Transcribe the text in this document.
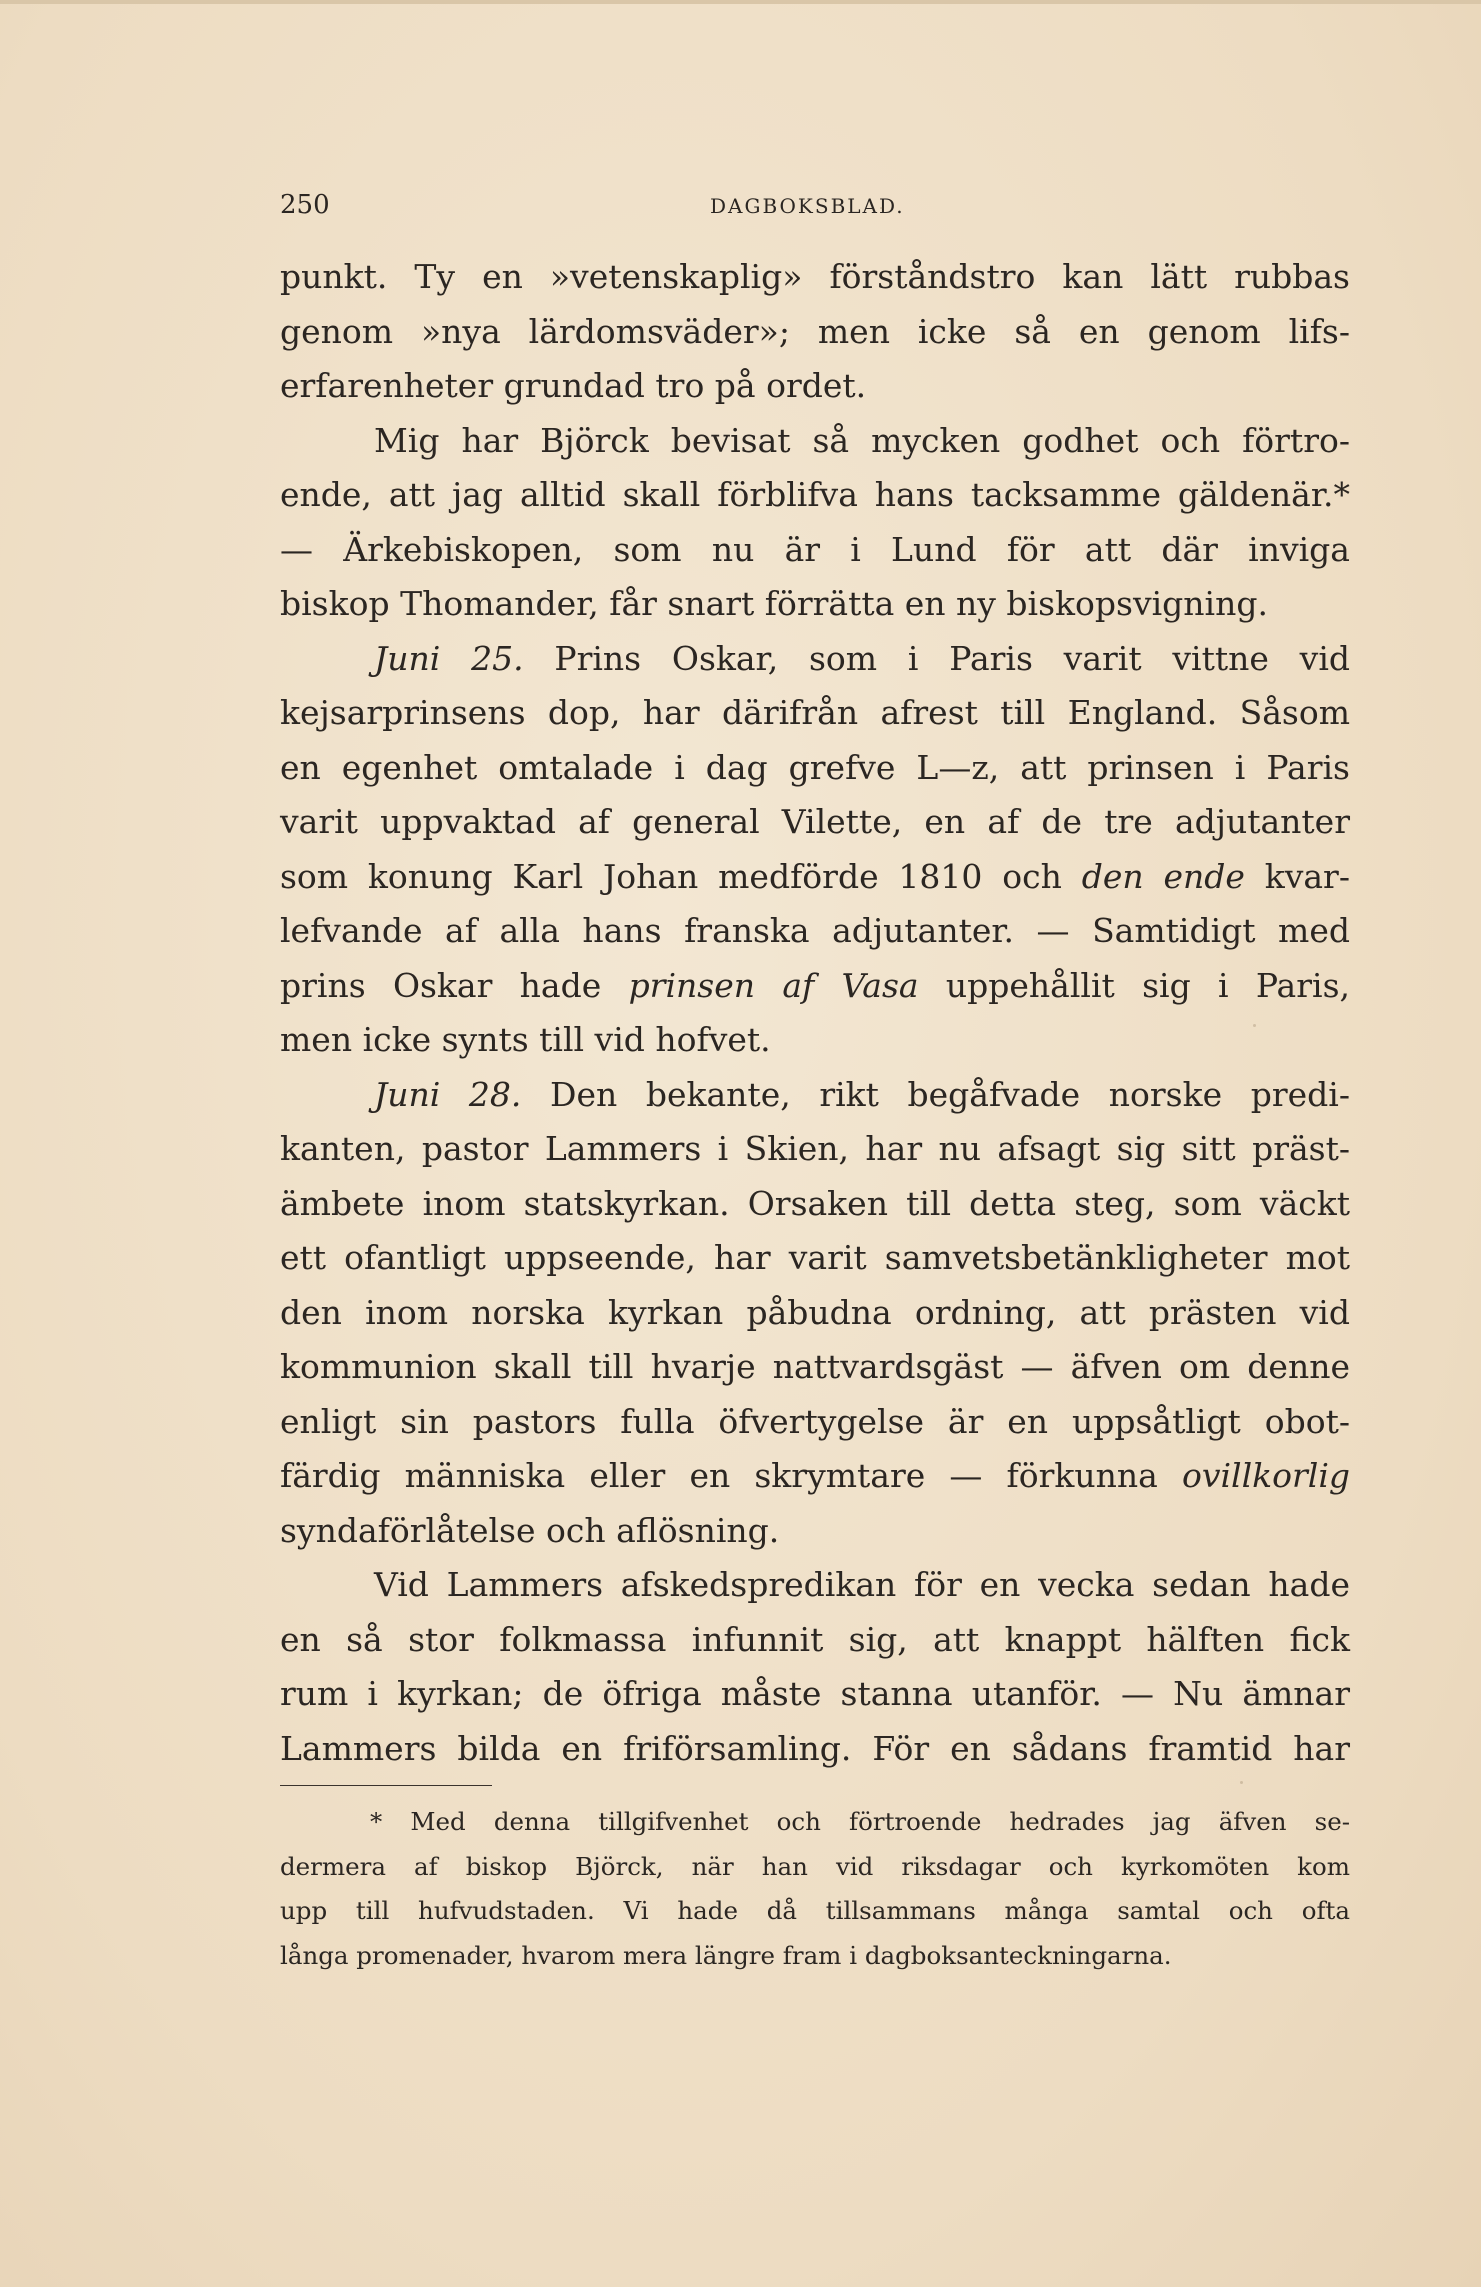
250	DAGBOKSBLAD.
punkt. Ty en »vetenskaplig» förståndstro kan lätt rubbas
genom »nya lärdomsväder»; men icke så en genom lifs-
erfarenheter grundad tro på ordet.
Mig har Björck bevisat så mycken godhet och förtro-
ende, att jag alltid skall förblifva hans tacksamme gäldenär.*
— Ärkebiskopen, som nu är i Lund för att där inviga
biskop Thomander, får snart förrätta en ny biskopsvigning.
Juni 25. Prins Oskar, som i Paris varit vittne vid
kejsarprinsens dop, har därifrån afrest till England. Såsom
en egenhet omtalade i dag grefve L—z, att prinsen i Paris
varit uppvaktad af general Vilette, en af de tre adjutanter
som konung Karl Johan medförde 1810 och den ende kvar-
lefvande af alla hans franska adjutanter. — Samtidigt med
prins Oskar hade prinsen af Vasa uppehållit sig i Paris,
men icke synts till vid hofvet.
Juni 28. Den bekante, rikt begåfvade norske predi-
kanten, pastor Lammers i Skien, har nu afsagt sig sitt präst-
ämbete inom statskyrkan. Orsaken till detta steg, som väckt
ett ofantligt uppseende, har varit samvetsbetänkligheter mot
den inom norska kyrkan påbudna ordning, att prästen vid
kommunion skall till hvarje nattvardsgäst — äfven om denne
enligt sin pastors fulla öfvertygelse är en uppsåtligt obot-
färdig människa eller en skrymtare — förkunna ovillkorlig
syndaförlåtelse och aflösning.
Vid Lammers afskedspredikan för en vecka sedan hade
en så stor folkmassa infunnit sig, att knappt hälften fick
rum i kyrkan; de öfriga måste stanna utanför. — Nu ämnar
Lammers bilda en friförsamling. För en sådans framtid har
* Med denna tillgifvenhet och förtroende hedrades jag äfven se-
dermera af biskop Björck, när han vid riksdagar och kyrkomöten kom
upp till hufvudstaden. Vi hade då tillsammans många samtal och ofta
långa promenader, hvarom mera längre fram i dagboksanteckningarna.
